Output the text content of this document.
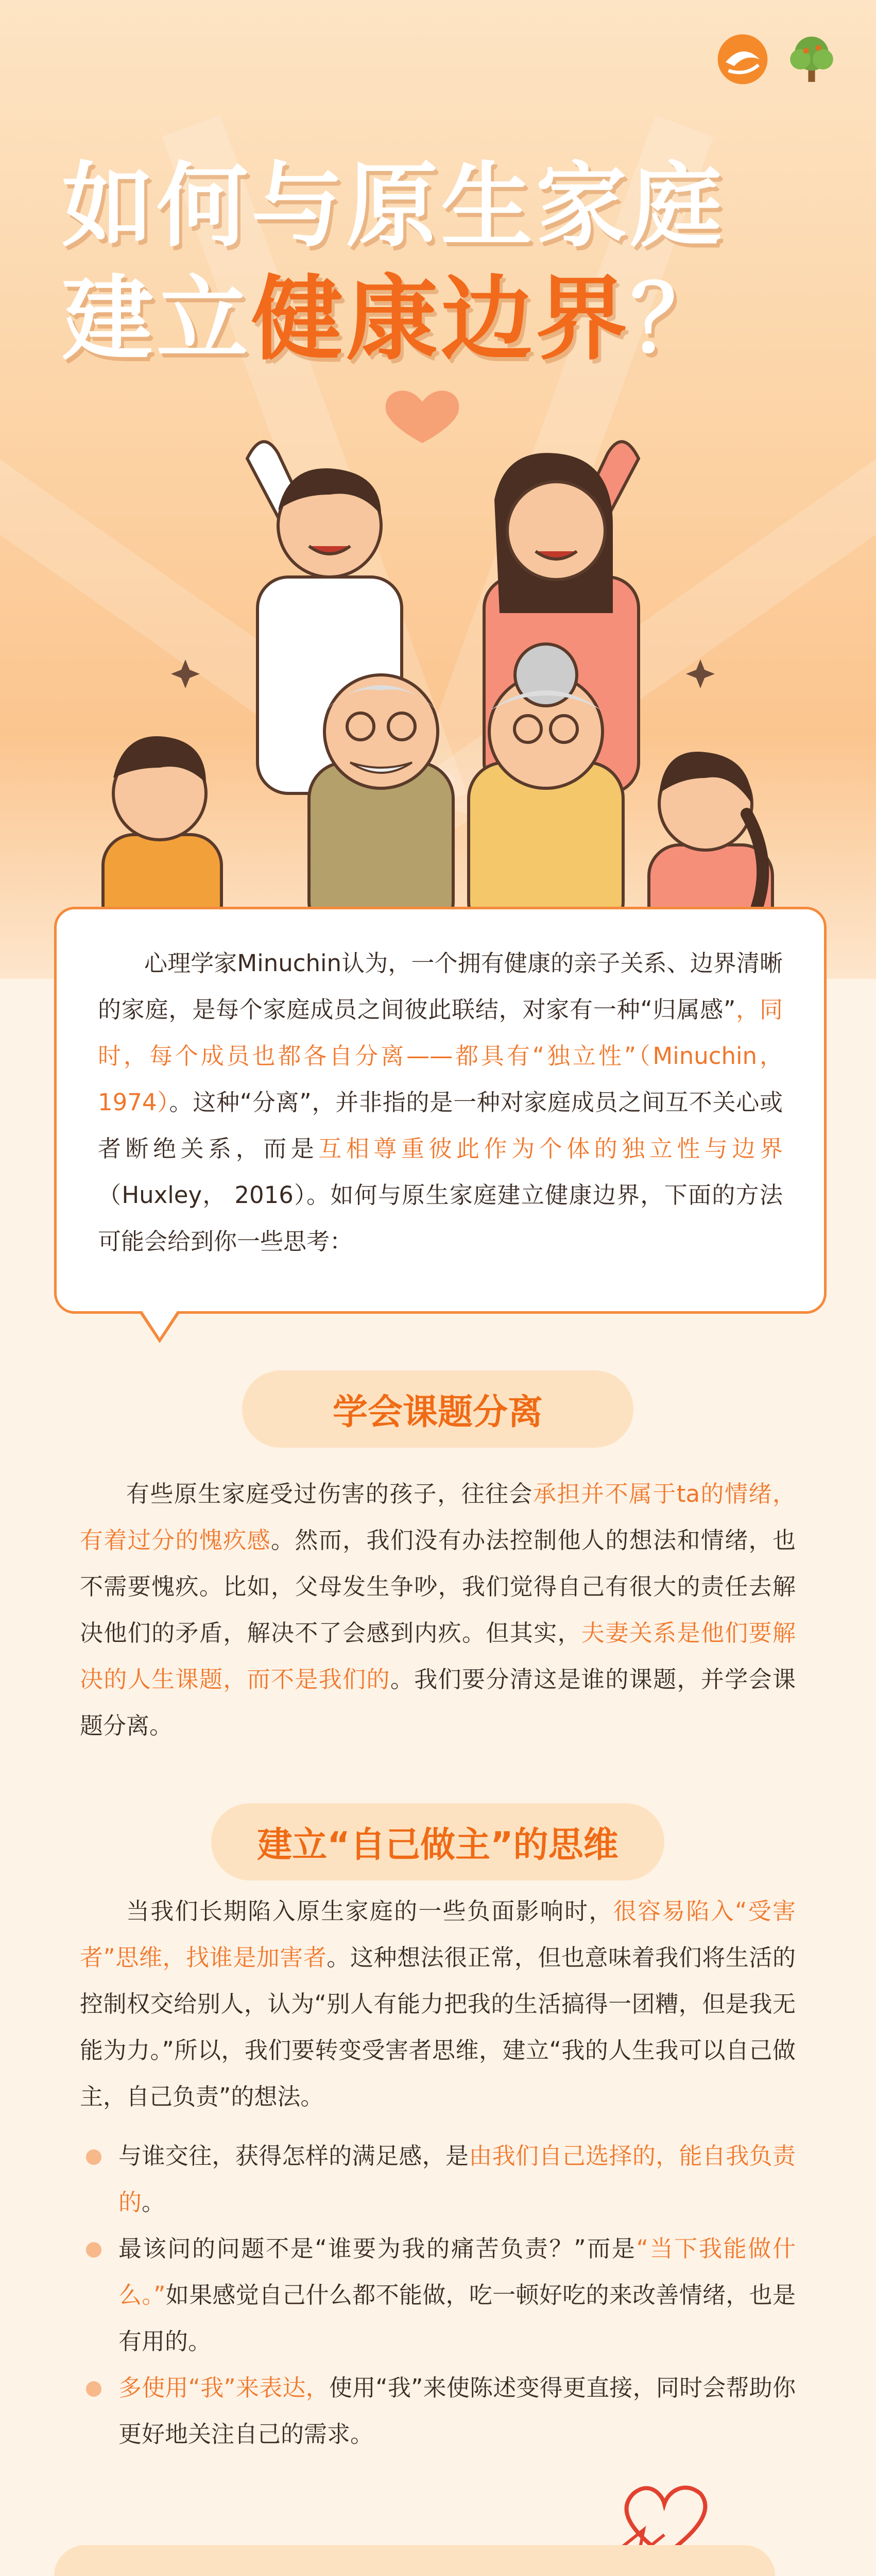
如何与原生家庭
建立健康边界？

心理学家Minuchin认为，一个拥有健康的亲子关系、边界清晰的家庭，是每个家庭成员之间彼此联结，对家有一种“归属感”，同时，每个成员也都各自分离——都具有“独立性”（Minuchin，1974）。这种“分离”，并非指的是一种对家庭成员之间互不关心或者断绝关系，而是互相尊重彼此作为个体的独立性与边界（Huxley， 2016）。如何与原生家庭建立健康边界，下面的方法可能会给到你一些思考：

学会课题分离

有些原生家庭受过伤害的孩子，往往会承担并不属于ta的情绪，有着过分的愧疚感。然而，我们没有办法控制他人的想法和情绪，也不需要愧疚。比如，父母发生争吵，我们觉得自己有很大的责任去解决他们的矛盾，解决不了会感到内疚。但其实，夫妻关系是他们要解决的人生课题，而不是我们的。我们要分清这是谁的课题，并学会课题分离。

建立“自己做主”的思维

当我们长期陷入原生家庭的一些负面影响时，很容易陷入“受害者”思维，找谁是加害者。这种想法很正常，但也意味着我们将生活的控制权交给别人，认为“别人有能力把我的生活搞得一团糟，但是我无能为力。”所以，我们要转变受害者思维，建立“我的人生我可以自己做主，自己负责”的想法。

与谁交往，获得怎样的满足感，是由我们自己选择的，能自我负责的。
最该问的问题不是“谁要为我的痛苦负责？”而是“当下我能做什么。”如果感觉自己什么都不能做，吃一顿好吃的来改善情绪，也是有用的。
多使用“我”来表达，使用“我”来使陈述变得更直接，同时会帮助你更好地关注自己的需求。
